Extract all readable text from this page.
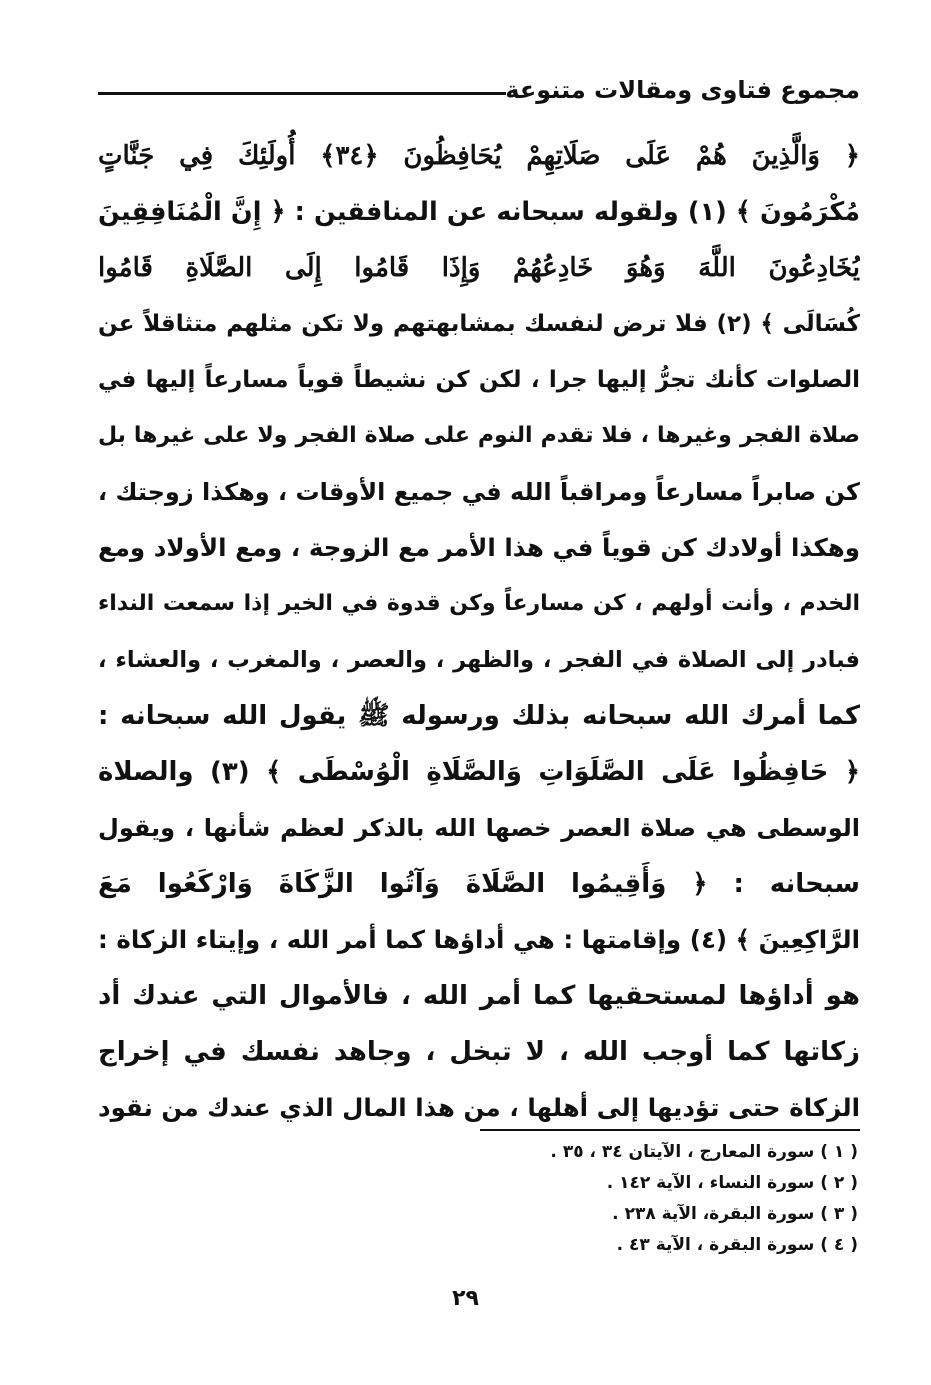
مجموع فتاوى ومقالات متنوعة
﴿ وَالَّذِينَ هُمْ عَلَى صَلَاتِهِمْ يُحَافِظُونَ ﴿٣٤﴾ أُولَئِكَ فِي جَنَّاتٍ
مُكْرَمُونَ ﴾ (١) ولقوله سبحانه عن المنافقين : ﴿ إِنَّ الْمُنَافِقِينَ
يُخَادِعُونَ اللَّهَ وَهُوَ خَادِعُهُمْ وَإِذَا قَامُوا إِلَى الصَّلَاةِ قَامُوا
كُسَالَى ﴾ (٢) فلا ترض لنفسك بمشابهتهم ولا تكن مثلهم متثاقلاً عن
الصلوات كأنك تجرُّ إليها جرا ، لكن كن نشيطاً قوياً مسارعاً إليها في
صلاة الفجر وغيرها ، فلا تقدم النوم على صلاة الفجر ولا على غيرها بل
كن صابراً مسارعاً ومراقباً الله في جميع الأوقات ، وهكذا زوجتك ،
وهكذا أولادك كن قوياً في هذا الأمر مع الزوجة ، ومع الأولاد ومع
الخدم ، وأنت أولهم ، كن مسارعاً وكن قدوة في الخير إذا سمعت النداء
فبادر إلى الصلاة في الفجر ، والظهر ، والعصر ، والمغرب ، والعشاء ،
كما أمرك الله سبحانه بذلك ورسوله ﷺ يقول الله سبحانه :
﴿ حَافِظُوا عَلَى الصَّلَوَاتِ وَالصَّلَاةِ الْوُسْطَى ﴾ (٣) والصلاة
الوسطى هي صلاة العصر خصها الله بالذكر لعظم شأنها ، ويقول
سبحانه : ﴿ وَأَقِيمُوا الصَّلَاةَ وَآتُوا الزَّكَاةَ وَارْكَعُوا مَعَ
الرَّاكِعِينَ ﴾ (٤) وإقامتها : هي أداؤها كما أمر الله ، وإيتاء الزكاة :
هو أداؤها لمستحقيها كما أمر الله ، فالأموال التي عندك أد
زكاتها كما أوجب الله ، لا تبخل ، وجاهد نفسك في إخراج
الزكاة حتى تؤديها إلى أهلها ، من هذا المال الذي عندك من نقود
( ١ ) سورة المعارج ، الآيتان ٣٤ ، ٣٥ .
( ٢ ) سورة النساء ، الآية ١٤٢ .
( ٣ ) سورة البقرة، الآية ٢٣٨ .
( ٤ ) سورة البقرة ، الآية ٤٣ .
٢٩
